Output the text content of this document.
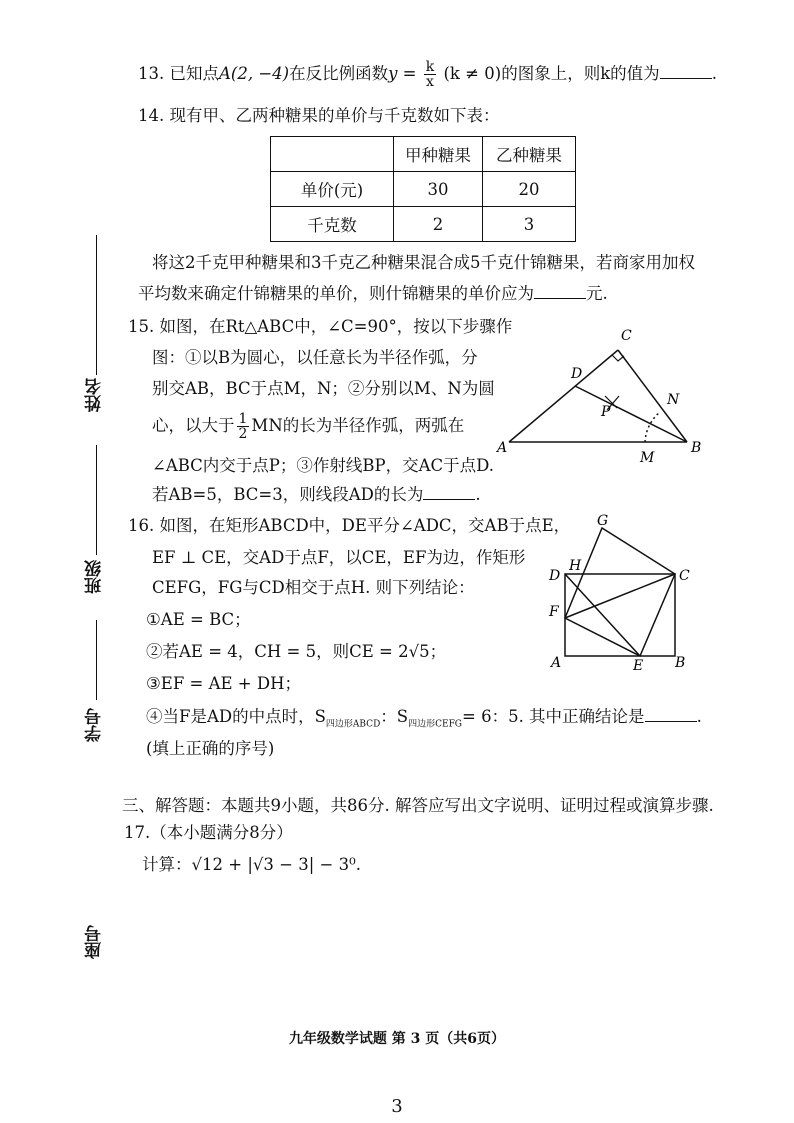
姓名
班级
学号
座号
13. 已知点A(2, −4)在反比例函数$y = \frac{k}{x} (k \ne 0)$的图象上，则k的值为	.
14. 现有甲、乙两种糖果的单价与千克数如下表：
	甲种糖果	乙种糖果
单价(元)	30	20
千克数	2	3
将这2千克甲种糖果和3千克乙种糖果混合成5千克什锦糖果，若商家用加权
平均数来确定什锦糖果的单价，则什锦糖果的单价应为	元.
15. 如图，在Rt△ABC中，∠C=90°，按以下步骤作
图：①以B为圆心，以任意长为半径作弧，分
别交AB，BC于点M，N；②分别以M、N为圆
心，以大于 $\frac{1}{2}$ MN的长为半径作弧，两弧在
∠ABC内交于点P；③作射线BP，交AC于点D.
若AB=5，BC=3，则线段AD的长为	.
C
D
P
N
A	B
M
16. 如图，在矩形ABCD中，DE平分∠ADC，交AB于点E，
EF ⊥ CE，交AD于点F，以CE，EF为边，作矩形
CEFG，FG与CD相交于点H. 则下列结论：
①AE = BC；
②若AE = 4，CH = 5，则CE = 2√5；
③EF = AE + DH；
④当F是AD的中点时，$S_{四边形ABCD}$：$S_{四边形CEFG}= 6$：5. 其中正确结论是	.
(填上正确的序号)
G
H
D	C
F
A	E B
三、解答题：本题共9小题，共86分. 解答应写出文字说明、证明过程或演算步骤.
17.（本小题满分8分）
计算：√12 + |√3 − 3| − 3⁰.
九年级数学试题 第 3 页（共6页）
3
